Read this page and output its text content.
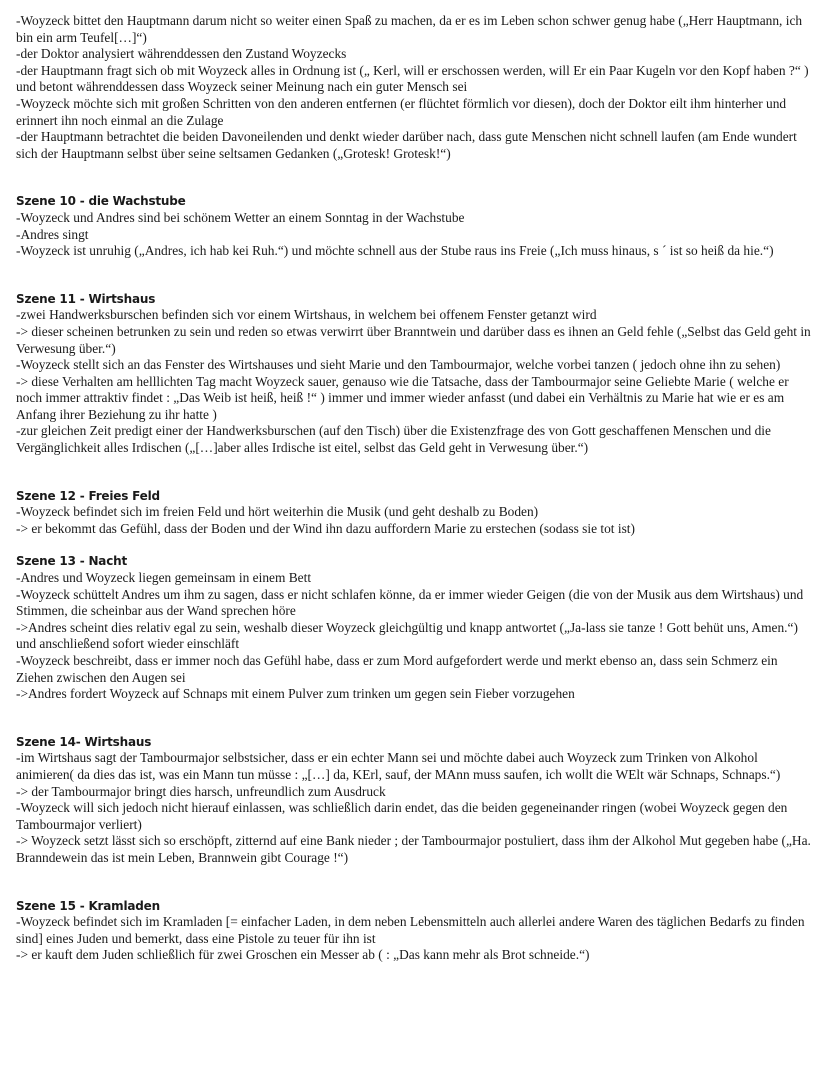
-Woyzeck bittet den Hauptmann darum nicht so weiter einen Spaß zu machen, da er es im Leben schon schwer genug habe („Herr Hauptmann, ich bin ein arm Teufel[…]“)

-der Doktor analysiert währenddessen den Zustand Woyzecks

-der Hauptmann fragt sich ob mit Woyzeck alles in Ordnung ist („ Kerl, will er erschossen werden, will Er ein Paar Kugeln vor den Kopf haben ?“ ) und betont währenddessen dass Woyzeck seiner Meinung nach ein guter Mensch sei

-Woyzeck möchte sich mit großen Schritten von den anderen entfernen (er flüchtet förmlich vor diesen), doch der Doktor eilt ihm hinterher und erinnert ihn noch einmal an die Zulage

-der Hauptmann betrachtet die beiden Davoneilenden und denkt wieder darüber nach, dass gute Menschen nicht schnell laufen (am Ende wundert sich der Hauptmann selbst über seine seltsamen Gedanken („Grotesk! Grotesk!“)

Szene 10 - die Wachstube

-Woyzeck und Andres sind bei schönem Wetter an einem Sonntag in der Wachstube

-Andres singt

-Woyzeck ist unruhig („Andres, ich hab kei Ruh.“) und möchte schnell aus der Stube raus ins Freie („Ich muss hinaus, s ´ ist so heiß da hie.“)

Szene 11 - Wirtshaus

-zwei Handwerksburschen befinden sich vor einem Wirtshaus, in welchem bei offenem Fenster getanzt wird

-> dieser scheinen betrunken zu sein und reden so etwas verwirrt über Branntwein und darüber dass es ihnen an Geld fehle („Selbst das Geld geht in Verwesung über.“)

-Woyzeck stellt sich an das Fenster des Wirtshauses und sieht Marie und den Tambourmajor, welche vorbei tanzen ( jedoch ohne ihn zu sehen)

-> diese Verhalten am helllichten Tag macht Woyzeck sauer, genauso wie die Tatsache, dass der Tambourmajor seine Geliebte Marie ( welche er noch immer attraktiv findet : „Das Weib ist heiß, heiß !“ ) immer und immer wieder anfasst (und dabei ein Verhältnis zu Marie hat wie er es am Anfang ihrer Beziehung zu ihr hatte )

-zur gleichen Zeit predigt einer der Handwerksburschen (auf den Tisch) über die Existenzfrage des von Gott geschaffenen Menschen und die Vergänglichkeit alles Irdischen („[…]aber alles Irdische ist eitel, selbst das Geld geht in Verwesung über.“)

Szene 12 - Freies Feld

-Woyzeck befindet sich im freien Feld und hört weiterhin die Musik (und geht deshalb zu Boden)

-> er bekommt das Gefühl, dass der Boden und der Wind ihn dazu auffordern Marie zu erstechen (sodass sie tot ist)

Szene 13 - Nacht

-Andres und Woyzeck liegen gemeinsam in einem Bett

-Woyzeck schüttelt Andres um ihm zu sagen, dass er nicht schlafen könne, da er immer wieder Geigen (die von der Musik aus dem Wirtshaus) und Stimmen, die scheinbar aus der Wand sprechen höre

->Andres scheint dies relativ egal zu sein, weshalb dieser Woyzeck gleichgültig und knapp antwortet („Ja-lass sie tanze ! Gott behüt uns, Amen.“) und anschließend sofort wieder einschläft

-Woyzeck beschreibt, dass er immer noch das Gefühl habe, dass er zum Mord aufgefordert werde und merkt ebenso an, dass sein Schmerz ein Ziehen zwischen den Augen sei

->Andres fordert Woyzeck auf Schnaps mit einem Pulver zum trinken um gegen sein Fieber vorzugehen

Szene 14- Wirtshaus

-im Wirtshaus sagt der Tambourmajor selbstsicher, dass er ein echter Mann sei und möchte dabei auch Woyzeck zum Trinken von Alkohol animieren( da dies das ist, was ein Mann tun müsse : „[…] da, KErl, sauf, der MAnn muss saufen, ich wollt die WElt wär Schnaps, Schnaps.“)

-> der Tambourmajor bringt dies harsch, unfreundlich zum Ausdruck

-Woyzeck will sich jedoch nicht hierauf einlassen, was schließlich darin endet, das die beiden gegeneinander ringen (wobei Woyzeck gegen den Tambourmajor verliert)

-> Woyzeck setzt lässt sich so erschöpft, zitternd auf eine Bank nieder ; der Tambourmajor postuliert, dass ihm der Alkohol Mut gegeben habe („Ha. Branndewein das ist mein Leben, Brannwein gibt Courage !“)

Szene 15 - Kramladen

-Woyzeck befindet sich im Kramladen [= einfacher Laden, in dem neben Lebensmitteln auch allerlei andere Waren des täglichen Bedarfs zu finden sind] eines Juden und bemerkt, dass eine Pistole zu teuer für ihn ist

-> er kauft dem Juden schließlich für zwei Groschen ein Messer ab ( : „Das kann mehr als Brot schneide.“)
